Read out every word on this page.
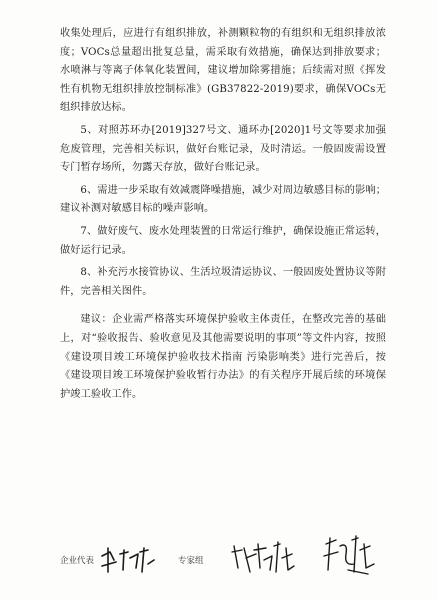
收集处理后，应进行有组织排放，补测颗粒物的有组织和无组织排放浓度；VOCs总量超出批复总量，需采取有效措施，确保达到排放要求；水喷淋与等离子体氧化装置间，建议增加除雾措施；后续需对照《挥发性有机物无组织排放控制标准》(GB37822-2019)要求，确保VOCs无组织排放达标。

5、对照苏环办[2019]327号文、通环办[2020]1号文等要求加强危废管理，完善相关标识，做好台账记录，及时清运。一般固废需设置专门暂存场所，勿露天存放，做好台账记录。

6、需进一步采取有效减震降噪措施，减少对周边敏感目标的影响；建议补测对敏感目标的噪声影响。

7、做好废气、废水处理装置的日常运行维护，确保设施正常运转，做好运行记录。

8、补充污水接管协议、生活垃圾清运协议、一般固废处置协议等附件，完善相关图件。

建议：企业需严格落实环境保护验收主体责任，在整改完善的基础上，对“验收报告、验收意见及其他需要说明的事项”等文件内容，按照《建设项目竣工环境保护验收技术指南 污染影响类》进行完善后，按《建设项目竣工环境保护验收暂行办法》的有关程序开展后续的环境保护竣工验收工作。

企业代表	专家组
